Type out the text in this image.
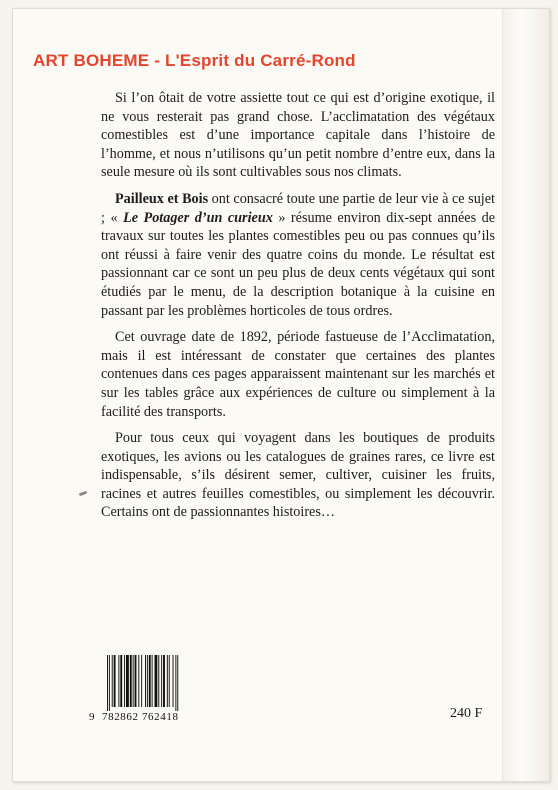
ART BOHEME - L'Esprit du Carré-Rond

Si l’on ôtait de votre assiette tout ce qui est d’origine exotique, il ne vous resterait pas grand chose. L’acclimatation des végétaux comestibles est d’une importance capitale dans l’histoire de l’homme, et nous n’utilisons qu’un petit nombre d’entre eux, dans la seule mesure où ils sont cultivables sous nos climats.

Pailleux et Bois ont consacré toute une partie de leur vie à ce sujet ; « Le Potager d’un curieux » résume environ dix-sept années de travaux sur toutes les plantes comestibles peu ou pas connues qu’ils ont réussi à faire venir des quatre coins du monde. Le résultat est passionnant car ce sont un peu plus de deux cents végétaux qui sont étudiés par le menu, de la description botanique à la cuisine en passant par les problèmes horticoles de tous ordres.

Cet ouvrage date de 1892, période fastueuse de l’Acclimatation, mais il est intéressant de constater que certaines des plantes contenues dans ces pages apparaissent maintenant sur les marchés et sur les tables grâce aux expériences de culture ou simplement à la facilité des transports.

Pour tous ceux qui voyagent dans les boutiques de produits exotiques, les avions ou les catalogues de graines rares, ce livre est indispensable, s’ils désirent semer, cultiver, cuisiner les fruits, racines et autres feuilles comestibles, ou simplement les découvrir. Certains ont de passionnantes histoires…

9 782862 762418	240 F
